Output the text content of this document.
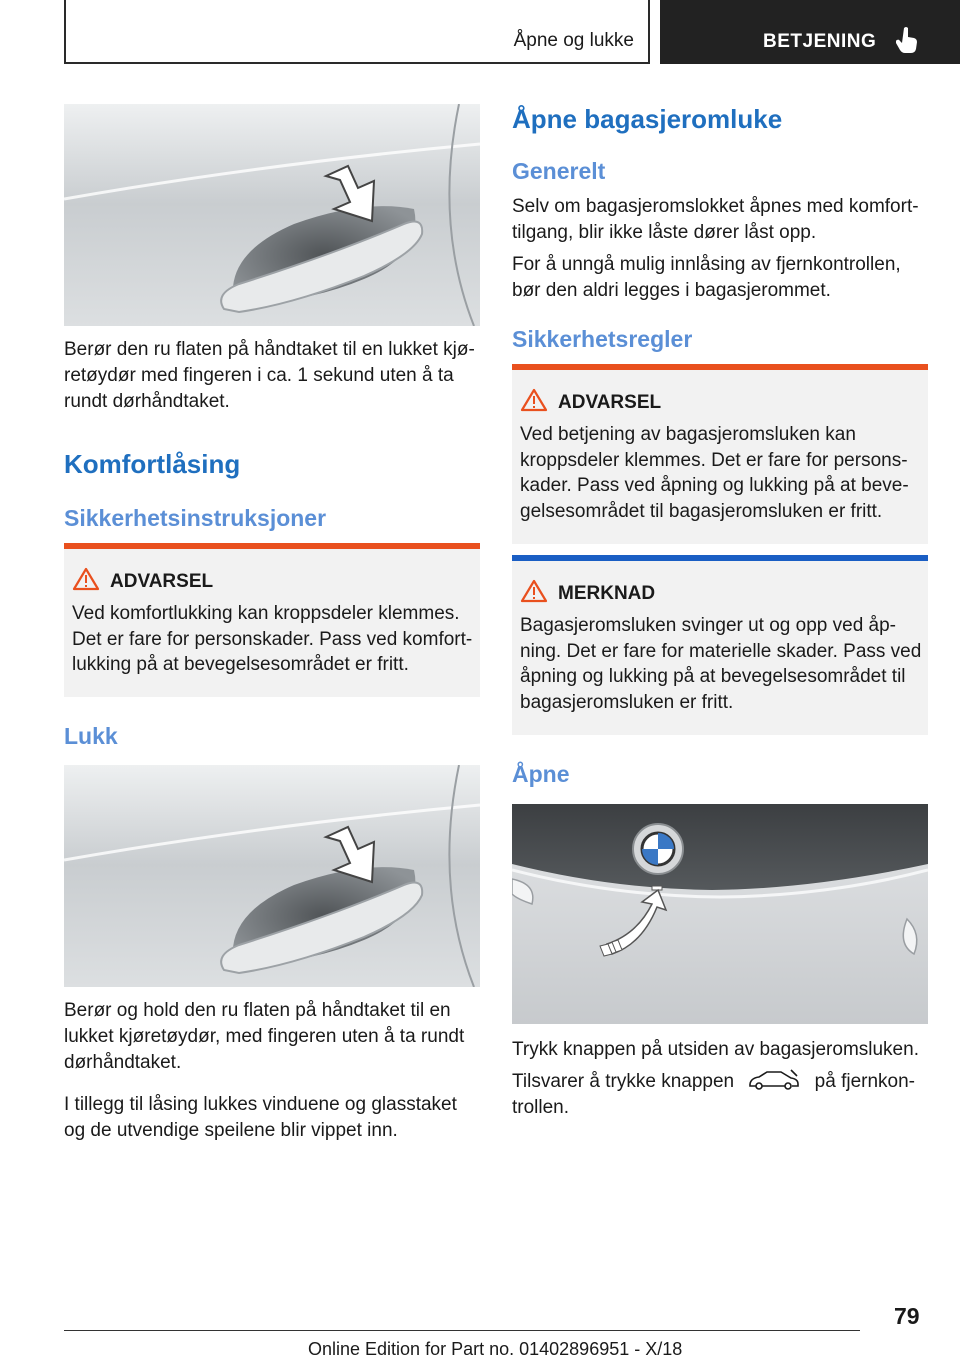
Åpne og lukke	BETJENING

Berør den ru flaten på håndtaket til en lukket kjø‐retøydør med fingeren i ca. 1 sekund uten å ta rundt dørhåndtaket.

Komfortlåsing
Sikkerhetsinstruksjoner
ADVARSEL
Ved komfortlukking kan kroppsdeler klemmes. Det er fare for personskader. Pass ved komfort‐lukking på at bevegelsesområdet er fritt.
Lukk

Berør og hold den ru flaten på håndtaket til en lukket kjøretøydør, med fingeren uten å ta rundt dørhåndtaket.

I tillegg til låsing lukkes vinduene og glasstaket og de utvendige speilene blir vippet inn.

Åpne bagasjeromluke
Generelt

Selv om bagasjeromslokket åpnes med komfort‐tilgang, blir ikke låste dører låst opp.

For å unngå mulig innlåsing av fjernkontrollen, bør den aldri legges i bagasjerommet.

Sikkerhetsregler
ADVARSEL
Ved betjening av bagasjeromsluken kan kroppsdeler klemmes. Det er fare for persons‐kader. Pass ved åpning og lukking på at beve‐gelsesområdet til bagasjeromsluken er fritt.
MERKNAD
Bagasjeromsluken svinger ut og opp ved åp‐ning. Det er fare for materielle skader. Pass ved åpning og lukking på at bevegelsesområdet til bagasjeromsluken er fritt.
Åpne

Trykk knappen på utsiden av bagasjeromsluken.

Tilsvarer å trykke knappen	på fjernkon‐trollen.

79
Online Edition for Part no. 01402896951 - X/18
